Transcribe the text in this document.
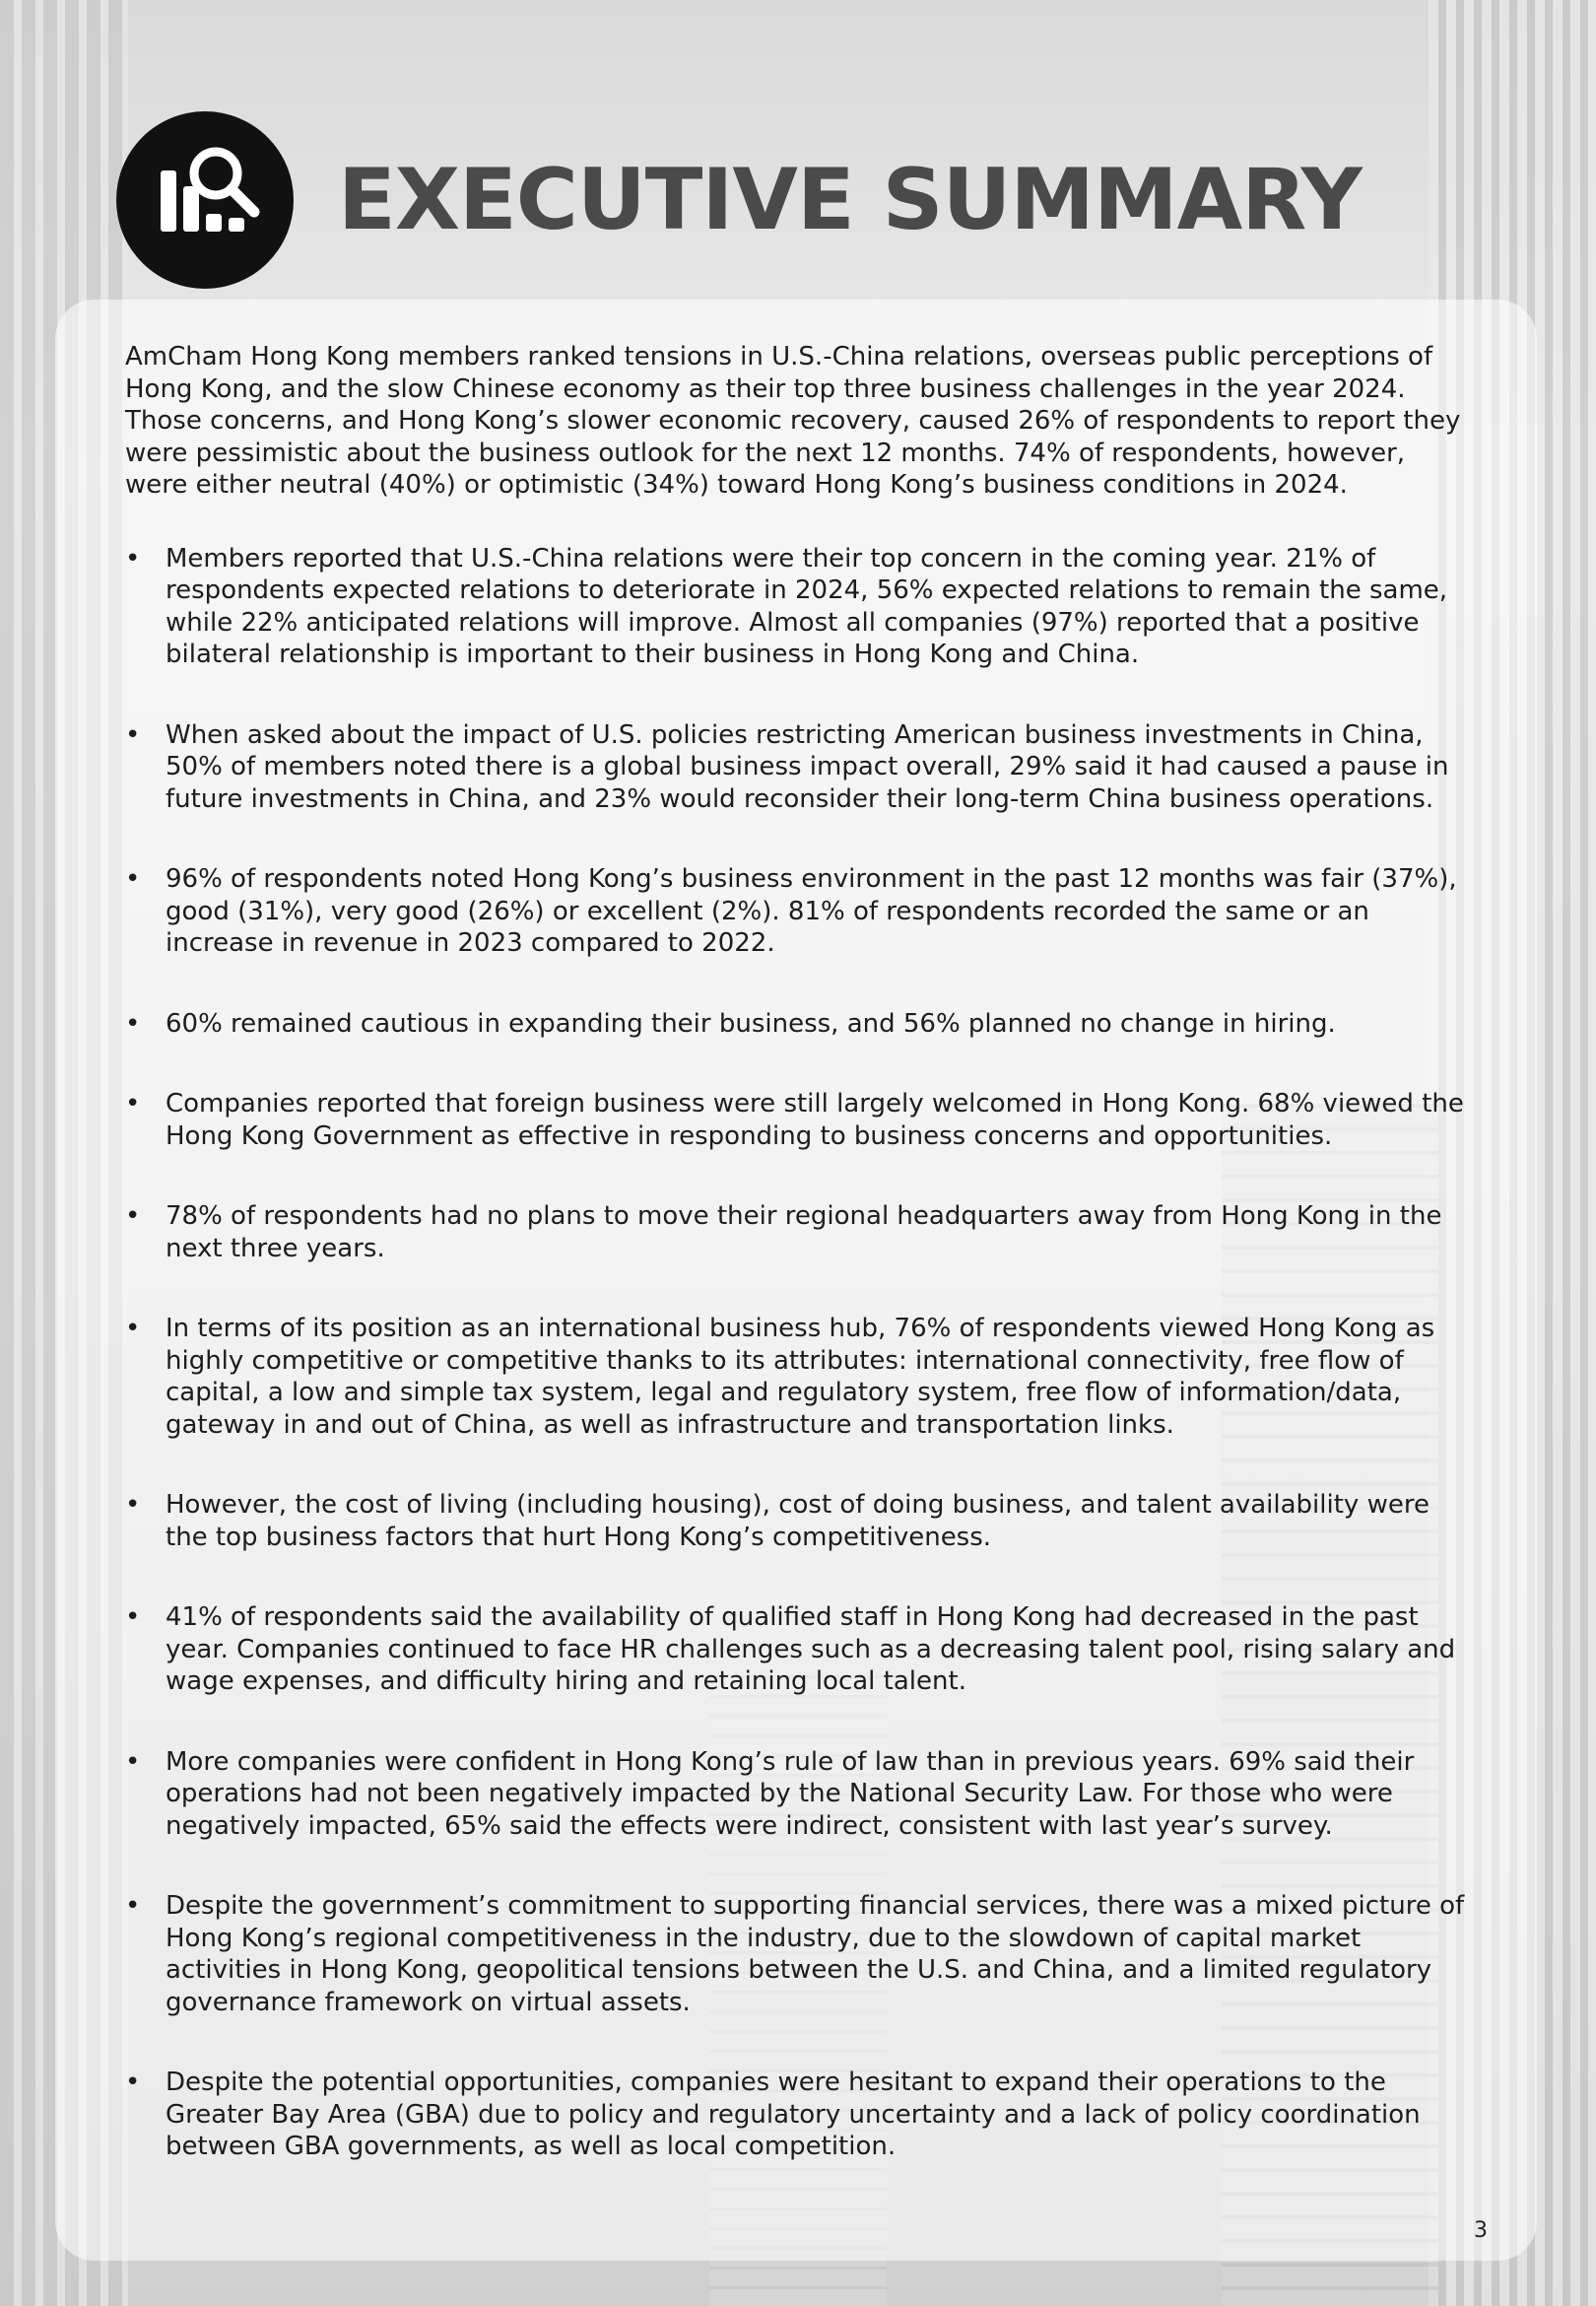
EXECUTIVE SUMMARY

AmCham Hong Kong members ranked tensions in U.S.-China relations, overseas public perceptions of Hong Kong, and the slow Chinese economy as their top three business challenges in the year 2024. Those concerns, and Hong Kong’s slower economic recovery, caused 26% of respondents to report they were pessimistic about the business outlook for the next 12 months. 74% of respondents, however, were either neutral (40%) or optimistic (34%) toward Hong Kong’s business conditions in 2024.

• Members reported that U.S.-China relations were their top concern in the coming year. 21% of respondents expected relations to deteriorate in 2024, 56% expected relations to remain the same, while 22% anticipated relations will improve. Almost all companies (97%) reported that a positive bilateral relationship is important to their business in Hong Kong and China.
• When asked about the impact of U.S. policies restricting American business investments in China, 50% of members noted there is a global business impact overall, 29% said it had caused a pause in future investments in China, and 23% would reconsider their long-term China business operations.
• 96% of respondents noted Hong Kong’s business environment in the past 12 months was fair (37%), good (31%), very good (26%) or excellent (2%). 81% of respondents recorded the same or an increase in revenue in 2023 compared to 2022.
• 60% remained cautious in expanding their business, and 56% planned no change in hiring.
• Companies reported that foreign business were still largely welcomed in Hong Kong. 68% viewed the Hong Kong Government as effective in responding to business concerns and opportunities.
• 78% of respondents had no plans to move their regional headquarters away from Hong Kong in the next three years.
• In terms of its position as an international business hub, 76% of respondents viewed Hong Kong as highly competitive or competitive thanks to its attributes: international connectivity, free flow of capital, a low and simple tax system, legal and regulatory system, free flow of information/data, gateway in and out of China, as well as infrastructure and transportation links.
• However, the cost of living (including housing), cost of doing business, and talent availability were the top business factors that hurt Hong Kong’s competitiveness.
• 41% of respondents said the availability of qualified staff in Hong Kong had decreased in the past year. Companies continued to face HR challenges such as a decreasing talent pool, rising salary and wage expenses, and difficulty hiring and retaining local talent.
• More companies were confident in Hong Kong’s rule of law than in previous years. 69% said their operations had not been negatively impacted by the National Security Law. For those who were negatively impacted, 65% said the effects were indirect, consistent with last year’s survey.
• Despite the government’s commitment to supporting financial services, there was a mixed picture of Hong Kong’s regional competitiveness in the industry, due to the slowdown of capital market activities in Hong Kong, geopolitical tensions between the U.S. and China, and a limited regulatory governance framework on virtual assets.
• Despite the potential opportunities, companies were hesitant to expand their operations to the Greater Bay Area (GBA) due to policy and regulatory uncertainty and a lack of policy coordination between GBA governments, as well as local competition.
3
